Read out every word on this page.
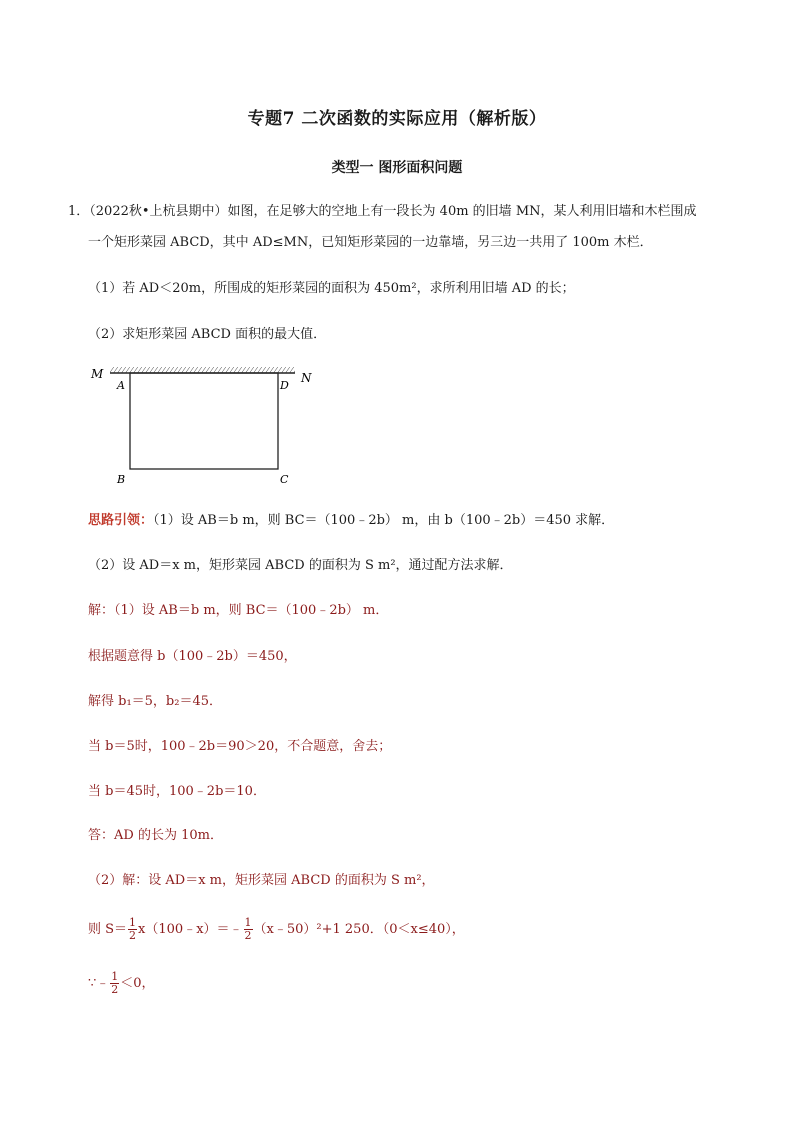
专题7 二次函数的实际应用（解析版）
类型一 图形面积问题
1．（2022秋•上杭县期中）如图，在足够大的空地上有一段长为 40m 的旧墙 MN，某人利用旧墙和木栏围成
一个矩形菜园 ABCD，其中 AD≤MN，已知矩形菜园的一边靠墙，另三边一共用了 100m 木栏．
（1）若 AD＜20m，所围成的矩形菜园的面积为 450m²，求所利用旧墙 AD 的长；
（2）求矩形菜园 ABCD 面积的最大值．
M	N
A	D
B	C
思路引领：（1）设 AB＝b m，则 BC＝（100﹣2b） m，由 b（100﹣2b）＝450 求解．
（2）设 AD＝x m，矩形菜园 ABCD 的面积为 S m²，通过配方法求解．
解：（1）设 AB＝b m，则 BC＝（100﹣2b） m．
根据题意得 b（100﹣2b）＝450，
解得 b₁＝5，b₂＝45．
当 b＝5时，100﹣2b＝90＞20，不合题意，舍去；
当 b＝45时，100﹣2b＝10．
答：AD 的长为 10m．
（2）解：设 AD＝x m，矩形菜园 ABCD 的面积为 S m²，
则 $S= \frac{1}{2}$ x（100﹣x）＝﹣ $\frac{1}{2}$ （x﹣50）²+1 250．（0＜x≤40），
∵﹣ $\frac{1}{2} <0$，
